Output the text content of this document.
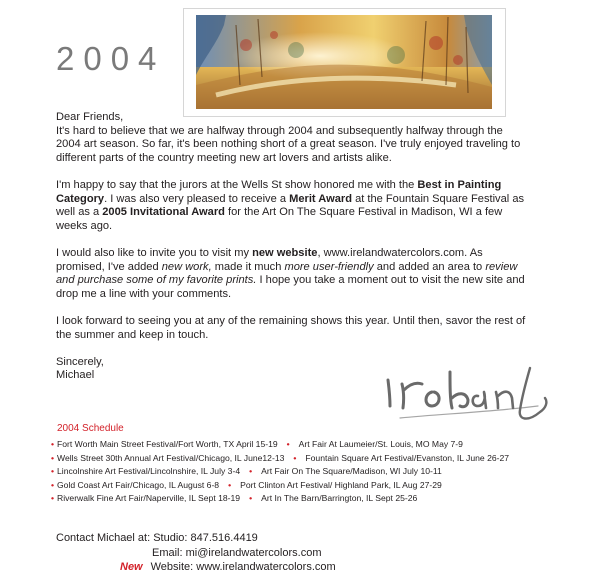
2004

Dear Friends,

It's hard to believe that we are halfway through 2004 and subsequently halfway through the 2004 art season. So far, it's been nothing short of a great season. I've truly enjoyed traveling to different parts of the country meeting new art lovers and artists alike.

I'm happy to say that the jurors at the Wells St show honored me with the Best in Painting Category. I was also very pleased to receive a Merit Award at the Fountain Square Festival as well as a 2005 Invitational Award for the Art On The Square Festival in Madison, WI a few weeks ago.

I would also like to invite you to visit my new website, www.irelandwatercolors.com. As promised, I've added new work, made it much more user-friendly and added an area to review and purchase some of my favorite prints. I hope you take a moment out to visit the new site and drop me a line with your comments.

I look forward to seeing you at any of the remaining shows this year. Until then, savor the rest of the summer and keep in touch.

Sincerely,

Michael

2004 Schedule
• Fort Worth Main Street Festival/Fort Worth, TX April 15-19 • Art Fair At Laumeier/St. Louis, MO May 7-9
• Wells Street 30th Annual Art Festival/Chicago, IL June12-13 • Fountain Square Art Festival/Evanston, IL June 26-27
• Lincolnshire Art Festival/Lincolnshire, IL July 3-4 • Art Fair On The Square/Madison, WI July 10-11
• Gold Coast Art Fair/Chicago, IL August 6-8 • Port Clinton Art Festival/ Highland Park, IL Aug 27-29
• Riverwalk Fine Art Fair/Naperville, IL Sept 18-19 • Art In The Barn/Barrington, IL Sept 25-26
Contact Michael at: Studio: 847.516.4419
Email: mi@irelandwatercolors.com
New Website: www.irelandwatercolors.com
